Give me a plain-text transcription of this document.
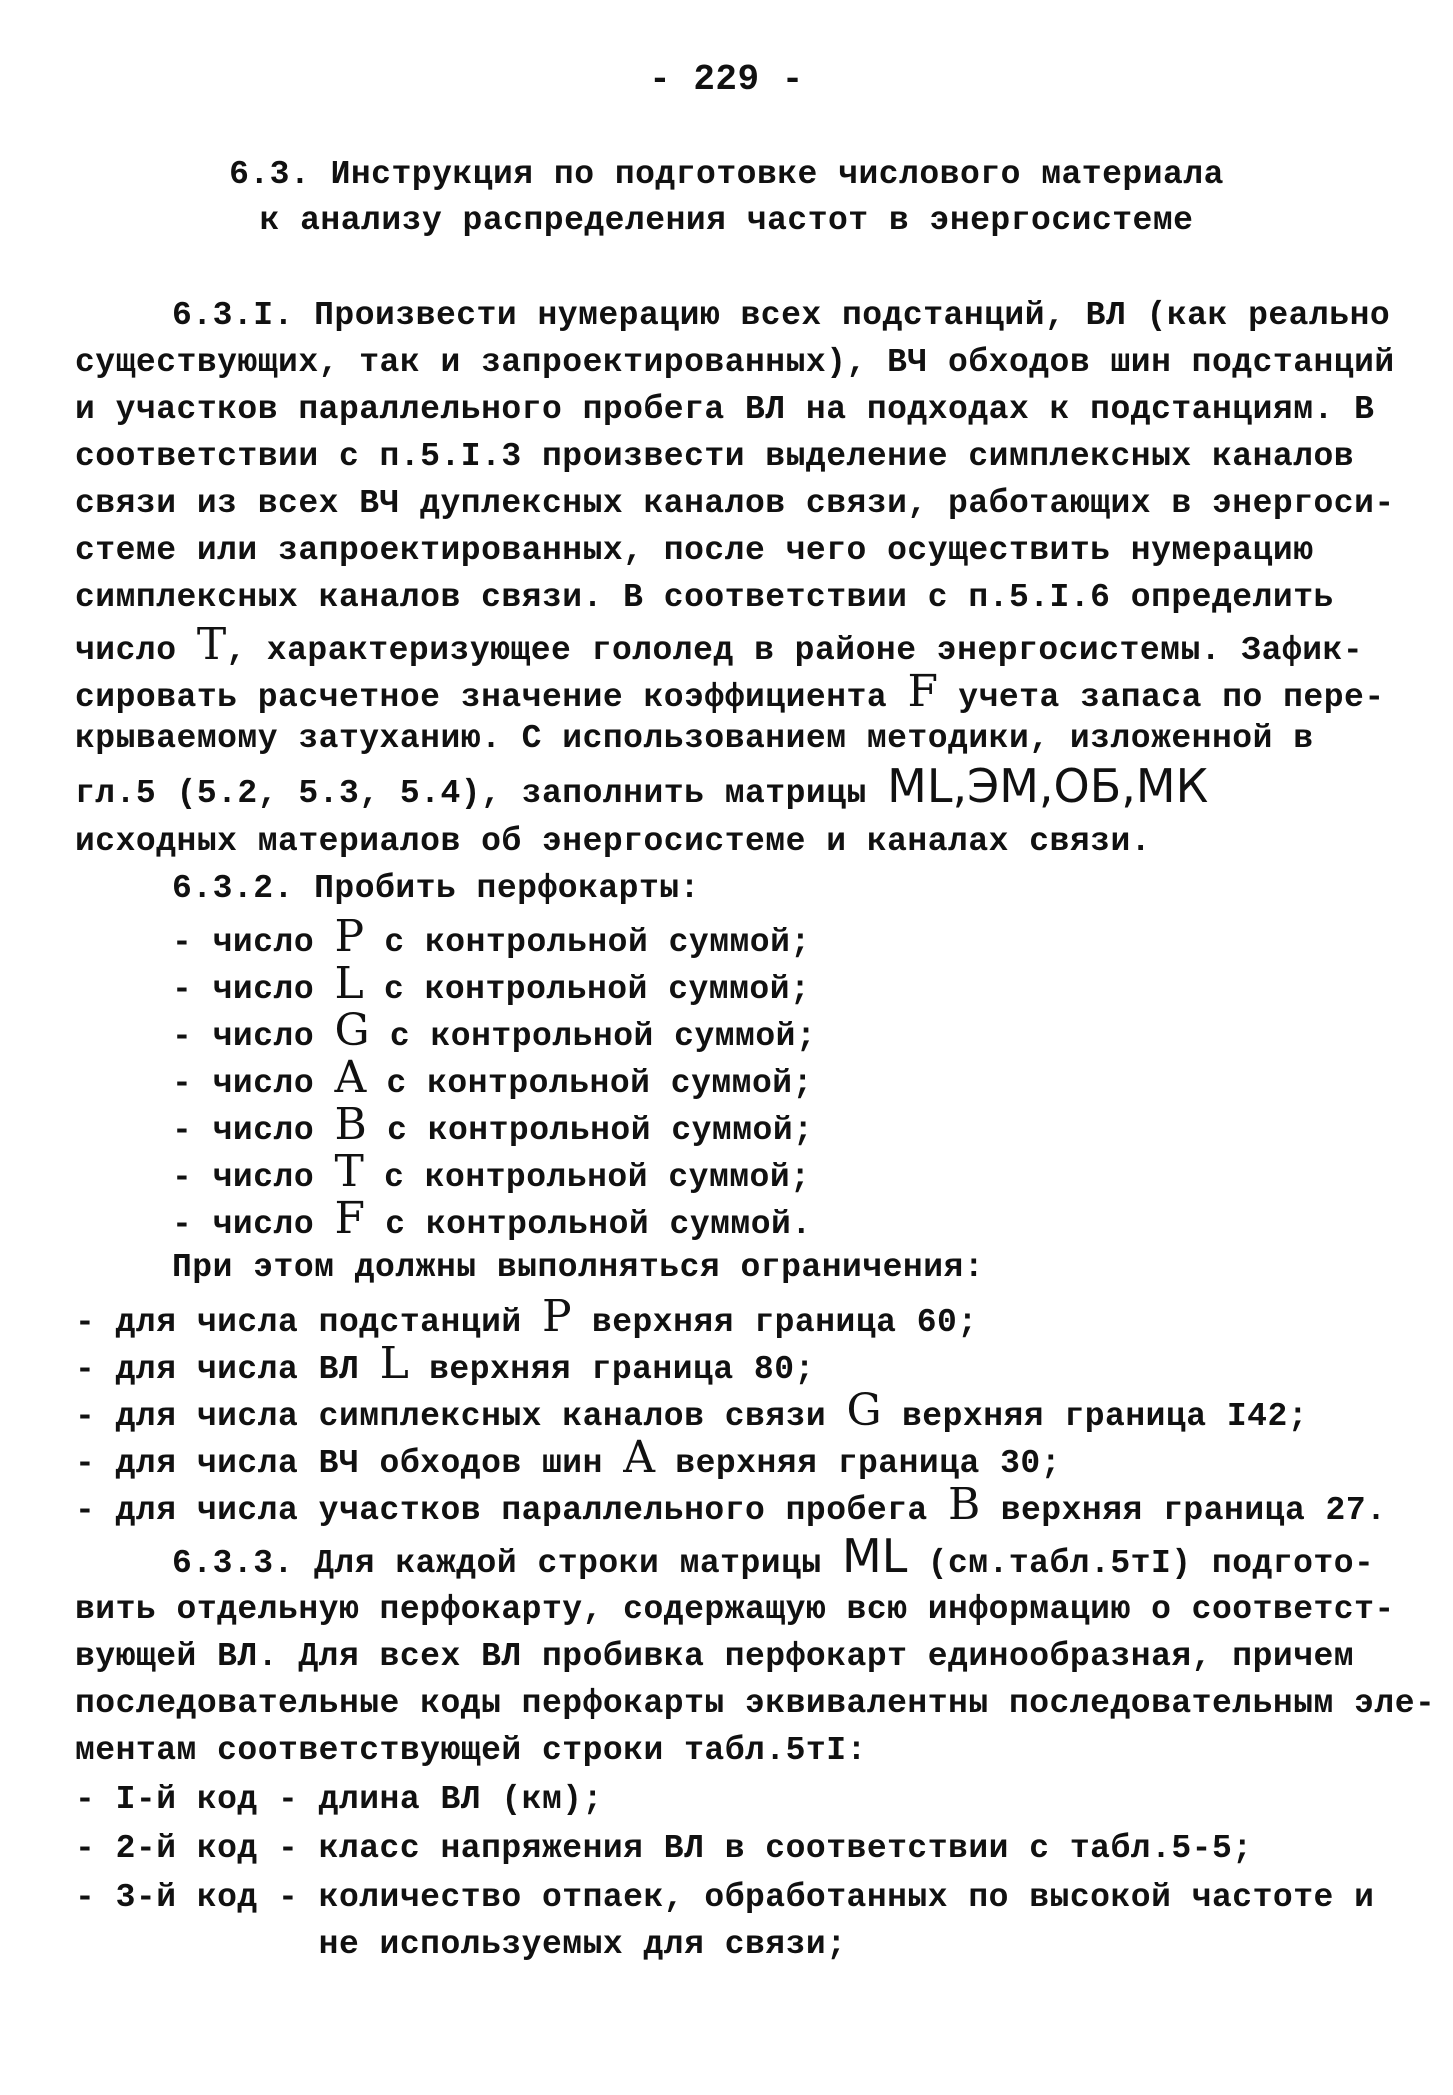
- 229 -
6.3. Инструкция по подготовке числового материала
к анализу распределения частот в энергосистеме
6.3.I. Произвести нумерацию всех подстанций, ВЛ (как реально
существующих, так и запроектированных), ВЧ обходов шин подстанций
и участков параллельного пробега ВЛ на подходах к подстанциям. В
соответствии с п.5.I.3 произвести выделение симплексных каналов
связи из всех ВЧ дуплексных каналов связи, работающих в энергоси-
стеме или запроектированных, после чего осуществить нумерацию
симплексных каналов связи. В соответствии с п.5.I.6 определить
число T, характеризующее гололед в районе энергосистемы. Зафик-
сировать расчетное значение коэффициента F учета запаса по пере-
крываемому затуханию. С использованием методики, изложенной в
гл.5 (5.2, 5.3, 5.4), заполнить матрицы ML,ЭМ,ОБ,МК
исходных материалов об энергосистеме и каналах связи.
6.3.2. Пробить перфокарты:
- число P с контрольной суммой;
- число L с контрольной суммой;
- число G с контрольной суммой;
- число A с контрольной суммой;
- число B с контрольной суммой;
- число T с контрольной суммой;
- число F с контрольной суммой.
При этом должны выполняться ограничения:
- для числа подстанций P верхняя граница 60;
- для числа ВЛ L верхняя граница 80;
- для числа симплексных каналов связи G верхняя граница I42;
- для числа ВЧ обходов шин A верхняя граница 30;
- для числа участков параллельного пробега B верхняя граница 27.
6.3.3. Для каждой строки матрицы ML (см.табл.5тI) подгото-
вить отдельную перфокарту, содержащую всю информацию о соответст-
вующей ВЛ. Для всех ВЛ пробивка перфокарт единообразная, причем
последовательные коды перфокарты эквивалентны последовательным эле-
ментам соответствующей строки табл.5тI:
- I-й код - длина ВЛ (км);
- 2-й код - класс напряжения ВЛ в соответствии с табл.5-5;
- 3-й код - количество отпаек, обработанных по высокой частоте и
не используемых для связи;
